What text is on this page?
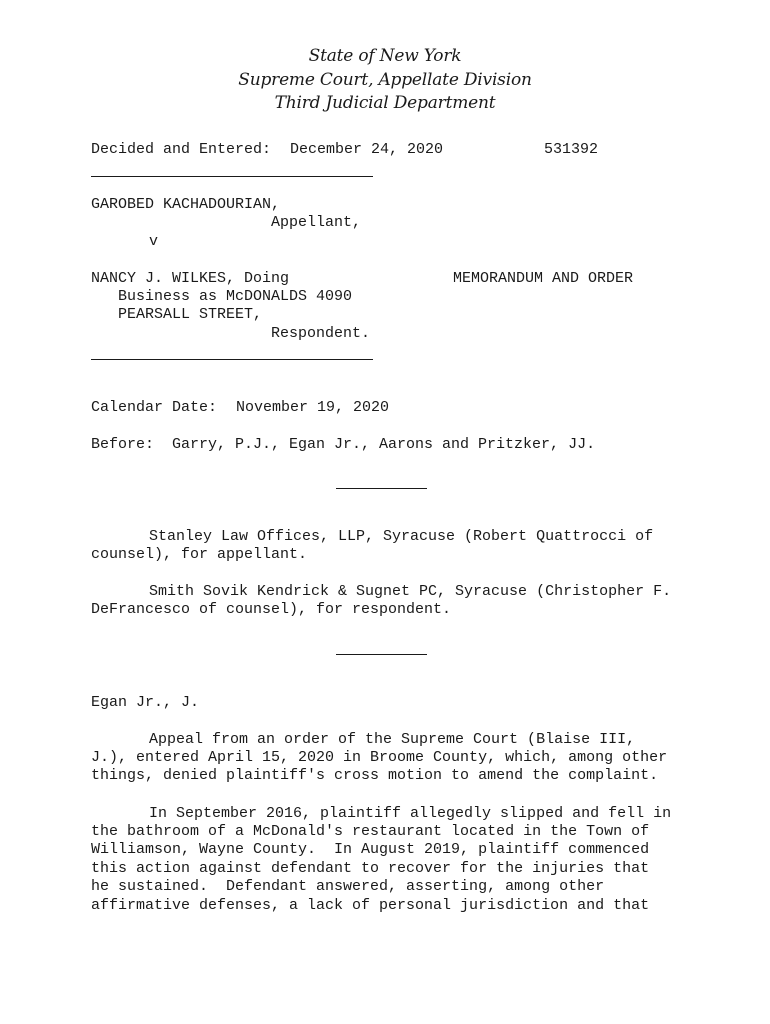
State of New York
Supreme Court, Appellate Division
Third Judicial Department
Decided and Entered: December 24, 2020	531392
GAROBED KACHADOURIAN,
Appellant,
v
NANCY J. WILKES, Doing	MEMORANDUM AND ORDER
Business as McDONALDS 4090
PEARSALL STREET,
Respondent.
Calendar Date: November 19, 2020
Before: Garry, P.J., Egan Jr., Aarons and Pritzker, JJ.
Stanley Law Offices, LLP, Syracuse (Robert Quattrocci of
counsel), for appellant.
Smith Sovik Kendrick & Sugnet PC, Syracuse (Christopher F.
DeFrancesco of counsel), for respondent.
Egan Jr., J.
Appeal from an order of the Supreme Court (Blaise III,
J.), entered April 15, 2020 in Broome County, which, among other
things, denied plaintiff's cross motion to amend the complaint.
In September 2016, plaintiff allegedly slipped and fell in
the bathroom of a McDonald's restaurant located in the Town of
Williamson, Wayne County.  In August 2019, plaintiff commenced
this action against defendant to recover for the injuries that
he sustained.  Defendant answered, asserting, among other
affirmative defenses, a lack of personal jurisdiction and that
